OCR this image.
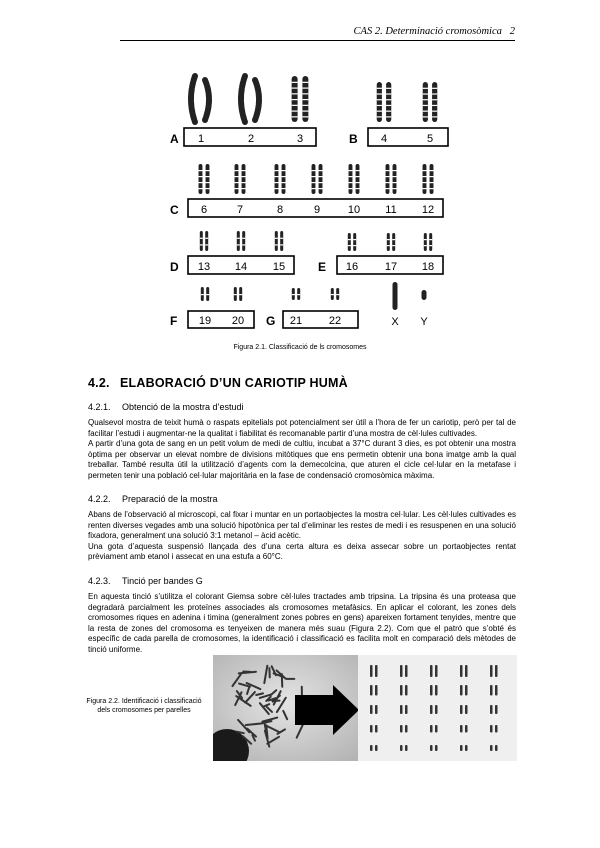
CAS 2. Determinació cromosòmica 2
A 1	2	3	B 4	5
C 6	7	8	9	10 11 12
D 13 14 15	E 16 17 18
F 19 20 G 21 22	X Y
Figura 2.1. Classificació de ls cromosomes
4.2. ELABORACIÓ D’UN CARIOTIP HUMÀ
4.2.1. Obtenció de la mostra d’estudi

Qualsevol mostra de teixit humà o raspats epitelials pot potencialment ser útil a l’hora de fer un cariotip, però per tal de facilitar l’estudi i augmentar-ne la qualitat i fiabilitat és recomanable partir d’una mostra de cèl·lules cultivades.

A partir d’una gota de sang en un petit volum de medi de cultiu, incubat a 37°C durant 3 dies, es pot obtenir una mostra òptima per observar un elevat nombre de divisions mitòtiques que ens permetin obtenir una bona imatge amb la qual treballar. També resulta útil la utilització d’agents com la demecolcina, que aturen el cicle cel·lular en la metafase i permeten tenir una població cel·lular majoritària en la fase de condensació cromosòmica màxima.

4.2.2. Preparació de la mostra

Abans de l’observació al microscopi, cal fixar i muntar en un portaobjectes la mostra cel·lular. Les cèl·lules cultivades es renten diverses vegades amb una solució hipotònica per tal d’eliminar les restes de medi i es resuspenen en una solució fixadora, generalment una solució 3:1 metanol – àcid acètic.

Una gota d’aquesta suspensió llançada des d’una certa altura es deixa assecar sobre un portaobjectes rentat prèviament amb etanol i assecat en una estufa a 60°C.

4.2.3. Tinció per bandes G

En aquesta tinció s’utilitza el colorant Giemsa sobre cèl·lules tractades amb tripsina. La tripsina és una proteasa que degradarà parcialment les proteïnes associades als cromosomes metafàsics. En aplicar el colorant, les zones dels cromosomes riques en adenina i timina (generalment zones pobres en gens) apareixen fortament tenyides, mentre que la resta de zones del cromosoma es tenyeixen de manera més suau (Figura 2.2). Com que el patró que s’obté és específic de cada parella de cromosomes, la identificació i classificació es facilita molt en comparació dels mètodes de tinció uniforme.

Figura 2.2. Identificació i classificació dels cromosomes per parelles
